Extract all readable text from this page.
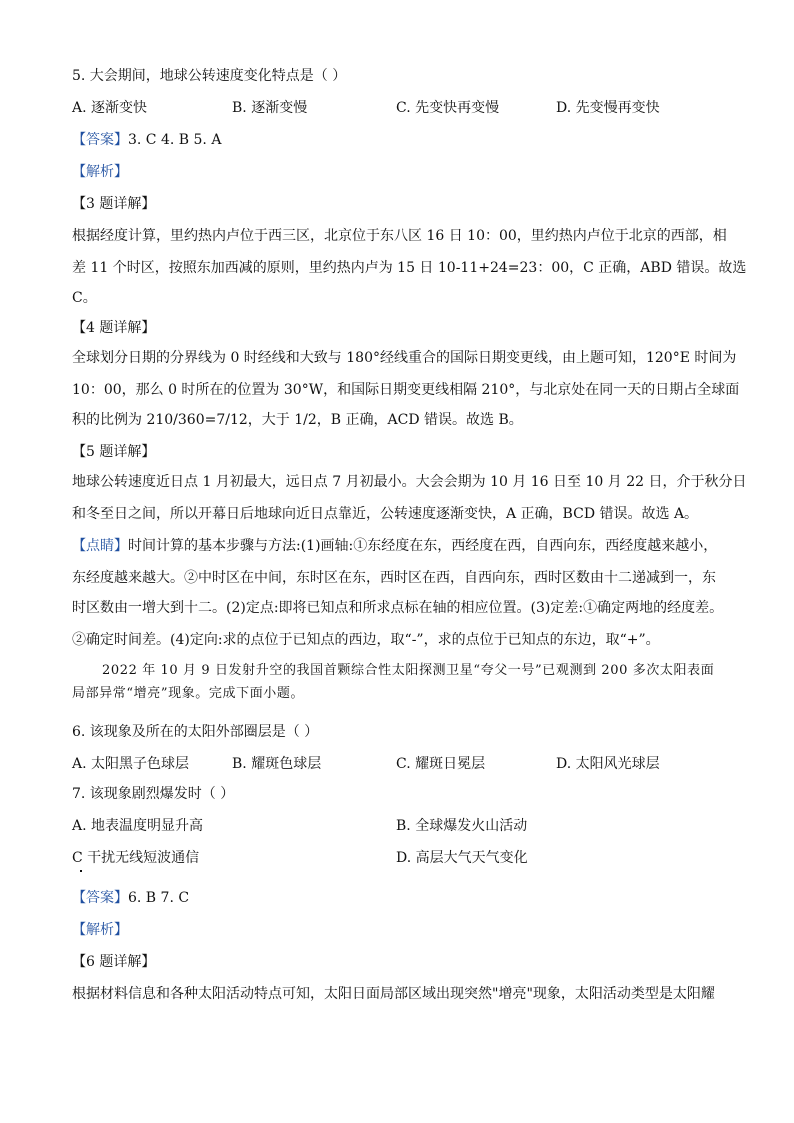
5. 大会期间，地球公转速度变化特点是（ ）
A. 逐渐变快	B. 逐渐变慢	C. 先变快再变慢	D. 先变慢再变快
【答案】3. C 4. B 5. A
【解析】
【3 题详解】
根据经度计算，里约热内卢位于西三区，北京位于东八区 16 日 10：00，里约热内卢位于北京的西部，相
差 11 个时区，按照东加西减的原则，里约热内卢为 15 日 10-11+24=23：00，C 正确，ABD 错误。故选
C。
【4 题详解】
全球划分日期的分界线为 0 时经线和大致与 180°经线重合的国际日期变更线，由上题可知，120°E 时间为
10：00，那么 0 时所在的位置为 30°W，和国际日期变更线相隔 210°，与北京处在同一天的日期占全球面
积的比例为 210/360=7/12，大于 1/2，B 正确，ACD 错误。故选 B。
【5 题详解】
地球公转速度近日点 1 月初最大，远日点 7 月初最小。大会会期为 10 月 16 日至 10 月 22 日，介于秋分日
和冬至日之间，所以开幕日后地球向近日点靠近，公转速度逐渐变快，A 正确，BCD 错误。故选 A。
【点睛】时间计算的基本步骤与方法:(1)画轴:①东经度在东，西经度在西，自西向东，西经度越来越小，
东经度越来越大。②中时区在中间，东时区在东，西时区在西，自西向东，西时区数由十二递减到一，东
时区数由一增大到十二。(2)定点:即将已知点和所求点标在轴的相应位置。(3)定差:①确定两地的经度差。
②确定时间差。(4)定向:求的点位于已知点的西边，取“-”，求的点位于已知点的东边，取“+”。
2022 年 10 月 9 日发射升空的我国首颗综合性太阳探测卫星“夸父一号”已观测到 200 多次太阳表面局部异常“增亮”现象。完成下面小题。
6. 该现象及所在的太阳外部圈层是（ ）
A. 太阳黑子色球层	B. 耀斑色球层	C. 耀斑日冕层	D. 太阳风光球层
7. 该现象剧烈爆发时（ ）
A. 地表温度明显升高	B. 全球爆发火山活动
C 干扰无线短波通信	D. 高层大气天气变化
【答案】6. B 7. C
【解析】
【6 题详解】
根据材料信息和各种太阳活动特点可知，太阳日面局部区域出现突然"增亮"现象，太阳活动类型是太阳耀
